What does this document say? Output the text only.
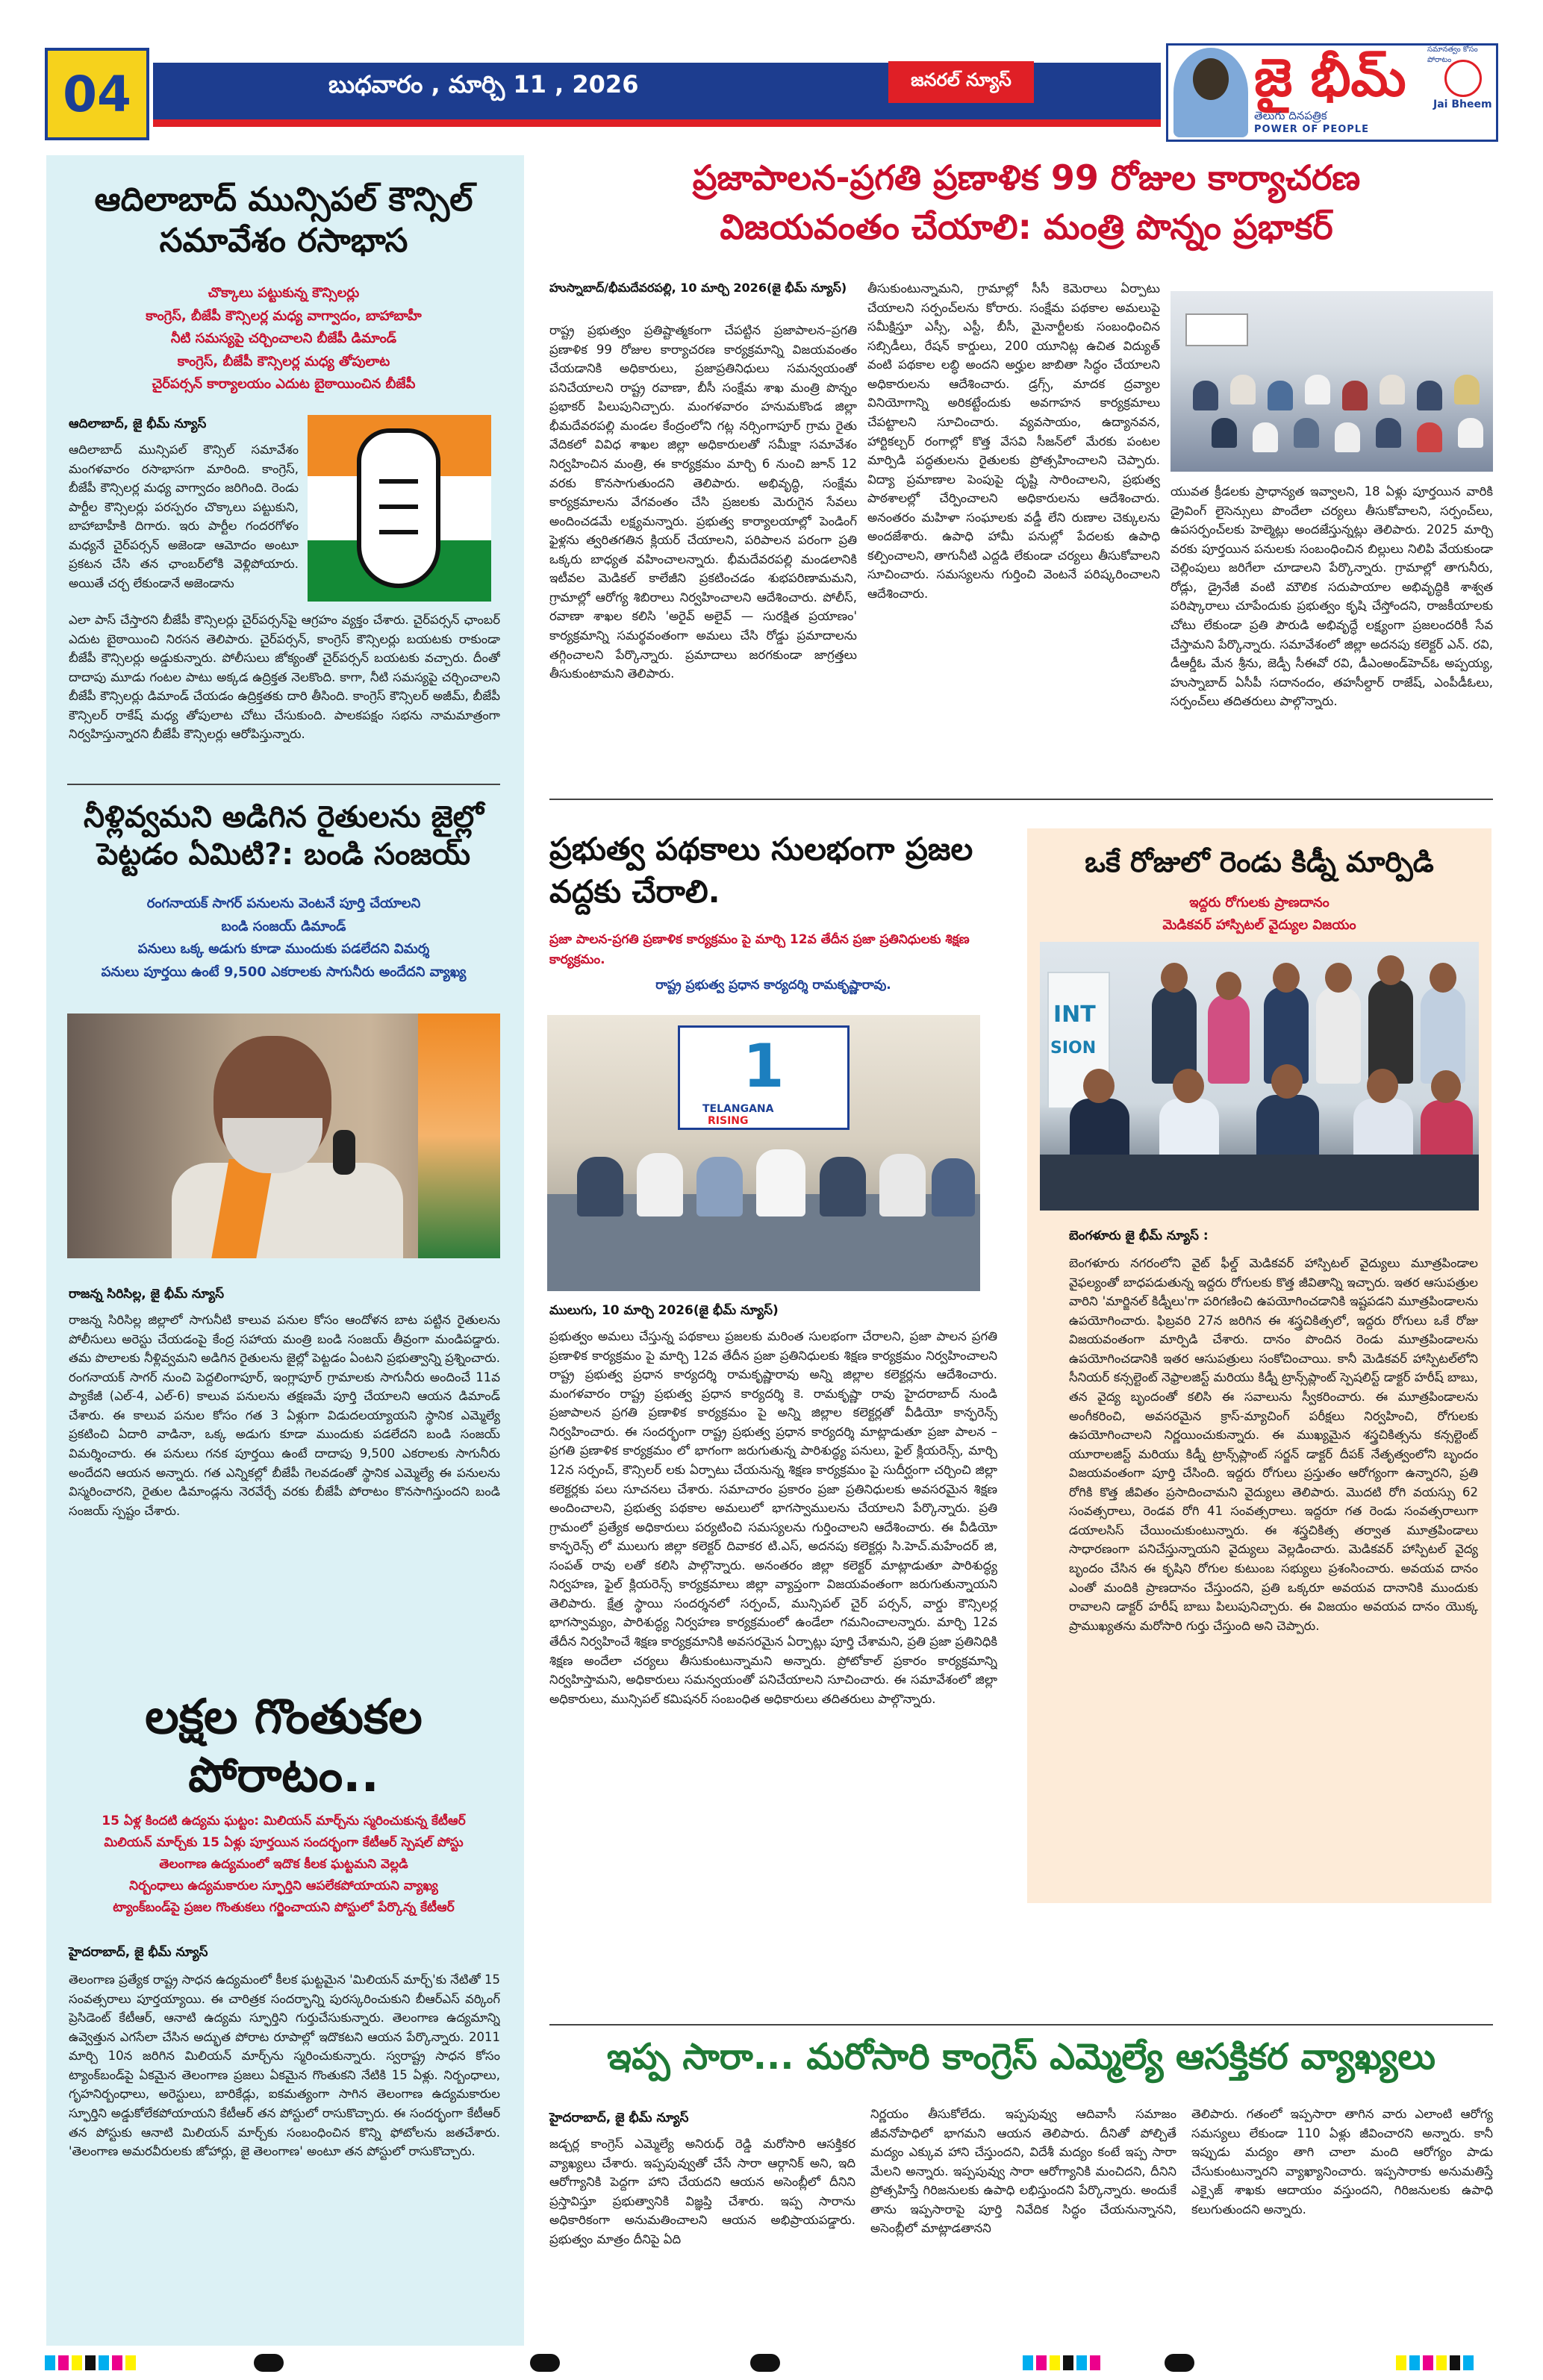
04	బుధవారం , మార్చి 11 , 2026	జనరల్ న్యూస్	జై భీమ్
తెలుగు దినపత్రిక
POWER OF PEOPLE
Jai Bheem
సమానత్వం కోసం పోరాటం
ఆదిలాబాద్ మున్సిపల్ కౌన్సిల్ సమావేశం రసాభాస
చొక్కాలు పట్టుకున్న కౌన్సిలర్లు
కాంగ్రెస్, బీజేపీ కౌన్సిలర్ల మధ్య వాగ్వాదం, బాహాబాహీ
నీటి సమస్యపై చర్చించాలని బీజేపీ డిమాండ్
కాంగ్రెస్, బీజేపీ కౌన్సిలర్ల మధ్య తోపులాట
చైర్‌పర్సన్ కార్యాలయం ఎదుట బైఠాయించిన బీజేపీ
ఆదిలాబాద్, జై భీమ్ న్యూస్
ఆదిలాబాద్ మున్సిపల్ కౌన్సిల్ సమావేశం మంగళవారం రసాభాసగా మారింది. కాంగ్రెస్, బీజేపీ కౌన్సిలర్ల మధ్య వాగ్వాదం జరిగింది. రెండు పార్టీల కౌన్సిలర్లు పరస్పరం చొక్కాలు పట్టుకుని, బాహాబాహీకి దిగారు. ఇరు పార్టీల గందరగోళం మధ్యనే చైర్‌పర్సన్ అజెండా ఆమోదం అంటూ ప్రకటన చేసి తన ఛాంబర్‌లోకి వెళ్లిపోయారు. అయితే చర్చ లేకుండానే అజెండాను
ఎలా పాస్ చేస్తారని బీజేపీ కౌన్సిలర్లు చైర్‌పర్సన్‌పై ఆగ్రహం వ్యక్తం చేశారు. చైర్‌పర్సన్ ఛాంబర్ ఎదుట బైఠాయించి నిరసన తెలిపారు. చైర్‌పర్సన్, కాంగ్రెస్ కౌన్సిలర్లు బయటకు రాకుండా బీజేపీ కౌన్సిలర్లు అడ్డుకున్నారు. పోలీసులు జోక్యంతో చైర్‌పర్సన్ బయటకు వచ్చారు. దీంతో దాదాపు మూడు గంటల పాటు అక్కడ ఉద్రిక్తత నెలకొంది. కాగా, నీటి సమస్యపై చర్చించాలని బీజేపీ కౌన్సిలర్లు డిమాండ్ చేయడం ఉద్రిక్తతకు దారి తీసింది. కాంగ్రెస్ కౌన్సిలర్ అజీమ్, బీజేపీ కౌన్సిలర్ రాకేష్ మధ్య తోపులాట చోటు చేసుకుంది. పాలకపక్షం సభను నామమాత్రంగా నిర్వహిస్తున్నారని బీజేపీ కౌన్సిలర్లు ఆరోపిస్తున్నారు.
నీళ్లివ్వమని అడిగిన రైతులను జైల్లో పెట్టడం ఏమిటి?: బండి సంజయ్
రంగనాయక్ సాగర్ పనులను వెంటనే పూర్తి చేయాలని
బండి సంజయ్ డిమాండ్
పనులు ఒక్క అడుగు కూడా ముందుకు పడలేదని విమర్శ
పనులు పూర్తయి ఉంటే 9,500 ఎకరాలకు సాగునీరు అందేదని వ్యాఖ్య
రాజన్న సిరిసిల్ల, జై భీమ్ న్యూస్
రాజన్న సిరిసిల్ల జిల్లాలో సాగునీటి కాలువ పనుల కోసం ఆందోళన బాట పట్టిన రైతులను పోలీసులు అరెస్టు చేయడంపై కేంద్ర సహాయ మంత్రి బండి సంజయ్ తీవ్రంగా మండిపడ్డారు. తమ పొలాలకు నీళ్లివ్వమని అడిగిన రైతులను జైల్లో పెట్టడం ఏంటని ప్రభుత్వాన్ని ప్రశ్నించారు. రంగనాయక్ సాగర్ నుంచి పెద్దలింగాపూర్, ఇంగ్లాపూర్ గ్రామాలకు సాగునీరు అందించే 11వ ప్యాకేజీ (ఎల్-4, ఎల్-6) కాలువ పనులను తక్షణమే పూర్తి చేయాలని ఆయన డిమాండ్ చేశారు. ఈ కాలువ పనుల కోసం గత 3 ఏళ్లుగా విడుదలయ్యాయని స్థానిక ఎమ్మెల్యే ప్రకటించి ఏదారి వాడినా, ఒక్క అడుగు కూడా ముందుకు పడలేదని బండి సంజయ్ విమర్శించారు. ఈ పనులు గనక పూర్తయి ఉంటే దాదాపు 9,500 ఎకరాలకు సాగునీరు అందేదని ఆయన అన్నారు. గత ఎన్నికల్లో బీజేపీ గెలవడంతో స్థానిక ఎమ్మెల్యే ఈ పనులను విస్మరించారని, రైతుల డిమాండ్లను నెరవేర్చే వరకు బీజేపీ పోరాటం కొనసాగిస్తుందని బండి సంజయ్ స్పష్టం చేశారు.
లక్షల గొంతుకల పోరాటం..
15 ఏళ్ల కిందటి ఉద్యమ ఘట్టం: మిలియన్ మార్చ్‌ను స్మరించుకున్న కేటీఆర్
మిలియన్ మార్చ్‌కు 15 ఏళ్లు పూర్తయిన సందర్భంగా కేటీఆర్ స్పెషల్ పోస్టు
తెలంగాణ ఉద్యమంలో ఇదొక కీలక ఘట్టమని వెల్లడి
నిర్బంధాలు ఉద్యమకారుల స్ఫూర్తిని ఆపలేకపోయాయని వ్యాఖ్య
ట్యాంక్‌బండ్‌పై ప్రజల గొంతుకలు గర్జించాయని పోస్టులో పేర్కొన్న కేటీఆర్
హైదరాబాద్, జై భీమ్ న్యూస్
తెలంగాణ ప్రత్యేక రాష్ట్ర సాధన ఉద్యమంలో కీలక ఘట్టమైన 'మిలియన్ మార్చ్'కు నేటితో 15 సంవత్సరాలు పూర్తయ్యాయి. ఈ చారిత్రక సందర్భాన్ని పురస్కరించుకుని బీఆర్ఎస్ వర్కింగ్ ప్రెసిడెంట్ కేటీఆర్, ఆనాటి ఉద్యమ స్ఫూర్తిని గుర్తుచేసుకున్నారు. తెలంగాణ ఉద్యమాన్ని ఉవ్వెత్తున ఎగసేలా చేసిన అద్భుత పోరాట రూపాల్లో ఇదొకటని ఆయన పేర్కొన్నారు. 2011 మార్చి 10న జరిగిన మిలియన్ మార్చ్‌ను స్మరించుకున్నారు. స్వరాష్ట్ర సాధన కోసం ట్యాంక్‌బండ్‌పై ఏకమైన తెలంగాణ ప్రజలు ఏకమైన గొంతుకని నేటికి 15 ఏళ్లు. నిర్బంధాలు, గృహనిర్బంధాలు, అరెస్టులు, బారికేడ్లు, ఐకమత్యంగా సాగిన తెలంగాణ ఉద్యమకారుల స్ఫూర్తిని అడ్డుకోలేకపోయాయని కేటీఆర్ తన పోస్టులో రాసుకొచ్చారు. ఈ సందర్భంగా కేటీఆర్ తన పోస్టుకు ఆనాటి మిలియన్ మార్చ్‌కు సంబంధించిన కొన్ని ఫోటోలను జతచేశారు. 'తెలంగాణ అమరవీరులకు జోహార్లు, జై తెలంగాణ' అంటూ తన పోస్టులో రాసుకొచ్చారు.
ప్రజాపాలన-ప్రగతి ప్రణాళిక 99 రోజుల కార్యాచరణ
విజయవంతం చేయాలి: మంత్రి పొన్నం ప్రభాకర్
హుస్నాబాద్/భీమదేవరపల్లి, 10 మార్చి 2026(జై భీమ్ న్యూస్)
రాష్ట్ర ప్రభుత్వం ప్రతిష్టాత్మకంగా చేపట్టిన ప్రజాపాలన–ప్రగతి ప్రణాళిక 99 రోజుల కార్యాచరణ కార్యక్రమాన్ని విజయవంతం చేయడానికి అధికారులు, ప్రజాప్రతినిధులు సమన్వయంతో పనిచేయాలని రాష్ట్ర రవాణా, బీసీ సంక్షేమ శాఖ మంత్రి పొన్నం ప్రభాకర్ పిలుపునిచ్చారు. మంగళవారం హనుమకొండ జిల్లా భీమదేవరపల్లి మండల కేంద్రంలోని గట్ల నర్సింగాపూర్ గ్రామ రైతు వేదికలో వివిధ శాఖల జిల్లా అధికారులతో సమీక్షా సమావేశం నిర్వహించిన మంత్రి, ఈ కార్యక్రమం మార్చి 6 నుంచి జూన్ 12 వరకు కొనసాగుతుందని తెలిపారు. అభివృద్ధి, సంక్షేమ కార్యక్రమాలను వేగవంతం చేసి ప్రజలకు మెరుగైన సేవలు అందించడమే లక్ష్యమన్నారు. ప్రభుత్వ కార్యాలయాల్లో పెండింగ్ ఫైళ్లను త్వరితగతిన క్లియర్ చేయాలని, పరిపాలన పరంగా ప్రతి ఒక్కరు బాధ్యత వహించాలన్నారు. భీమదేవరపల్లి మండలానికి ఇటీవల మెడికల్ కాలేజీని ప్రకటించడం శుభపరిణామమని, గ్రామాల్లో ఆరోగ్య శిబిరాలు నిర్వహించాలని ఆదేశించారు. పోలీస్, రవాణా శాఖల కలిసి 'అరైవ్ అలైవ్ — సురక్షిత ప్రయాణం' కార్యక్రమాన్ని సమర్థవంతంగా అమలు చేసి రోడ్డు ప్రమాదాలను తగ్గించాలని పేర్కొన్నారు. ప్రమాదాలు జరగకుండా జాగ్రత్తలు తీసుకుంటామని తెలిపారు.
తీసుకుంటున్నామని, గ్రామాల్లో సీసీ కెమెరాలు ఏర్పాటు చేయాలని సర్పంచ్‌లను కోరారు. సంక్షేమ పథకాల అమలుపై సమీక్షిస్తూ ఎస్సీ, ఎస్టీ, బీసీ, మైనార్టీలకు సంబంధించిన సబ్సిడీలు, రేషన్ కార్డులు, 200 యూనిట్ల ఉచిత విద్యుత్ వంటి పథకాల లబ్ధి అందని అర్హుల జాబితా సిద్ధం చేయాలని అధికారులను ఆదేశించారు. డ్రగ్స్, మాదక ద్రవ్యాల వినియోగాన్ని అరికట్టేందుకు అవగాహన కార్యక్రమాలు చేపట్టాలని సూచించారు. వ్యవసాయం, ఉద్యానవన, హార్టికల్చర్ రంగాల్లో కొత్త వేసవి సీజన్‌లో మేరకు పంటల మార్పిడి పద్ధతులను రైతులకు ప్రోత్సహించాలని చెప్పారు. విద్యా ప్రమాణాల పెంపుపై దృష్టి సారించాలని, ప్రభుత్వ పాఠశాలల్లో చేర్పించాలని అధికారులను ఆదేశించారు. అనంతరం మహిళా సంఘాలకు వడ్డీ లేని రుణాల చెక్కులను అందజేశారు. ఉపాధి హామీ పనుల్లో పేదలకు ఉపాధి కల్పించాలని, తాగునీటి ఎద్దడి లేకుండా చర్యలు తీసుకోవాలని సూచించారు. సమస్యలను గుర్తించి వెంటనే పరిష్కరించాలని ఆదేశించారు.
యువత క్రీడలకు ప్రాధాన్యత ఇవ్వాలని, 18 ఏళ్లు పూర్తయిన వారికి డ్రైవింగ్ లైసెన్సులు పొందేలా చర్యలు తీసుకోవాలని, సర్పంచ్‌లు, ఉపసర్పంచ్‌లకు హెల్మెట్లు అందజేస్తున్నట్లు తెలిపారు. 2025 మార్చి వరకు పూర్తయిన పనులకు సంబంధించిన బిల్లులు నిలిపి వేయకుండా చెల్లింపులు జరిగేలా చూడాలని పేర్కొన్నారు. గ్రామాల్లో తాగునీరు, రోడ్లు, డ్రైనేజీ వంటి మౌలిక సదుపాయాల అభివృద్ధికి శాశ్వత పరిష్కారాలు చూపేందుకు ప్రభుత్వం కృషి చేస్తోందని, రాజకీయాలకు చోటు లేకుండా ప్రతి పౌరుడి అభివృద్ధే లక్ష్యంగా ప్రజలందరికీ సేవ చేస్తామని పేర్కొన్నారు. సమావేశంలో జిల్లా అదనపు కలెక్టర్ ఎన్. రవి, డీఆర్డీఓ మేన శ్రీను, జెడ్పీ సీఈవో రవి, డీఎంఅండ్‌హెచ్ఓ అప్పయ్య, హుస్నాబాద్ ఏసీపీ సదానందం, తహసీల్దార్ రాజేష్, ఎంపీడీఓలు, సర్పంచ్‌లు తదితరులు పాల్గొన్నారు.
ప్రభుత్వ పథకాలు సులభంగా ప్రజల వద్దకు చేరాలి.
ప్రజా పాలన-ప్రగతి ప్రణాళిక కార్యక్రమం పై మార్చి 12వ తేదీన ప్రజా ప్రతినిధులకు శిక్షణ కార్యక్రమం.
రాష్ట్ర ప్రభుత్వ ప్రధాన కార్యదర్శి రామకృష్ణారావు.
1
TELANGANA
RISING
ములుగు, 10 మార్చి 2026(జై భీమ్ న్యూస్)
ప్రభుత్వం అమలు చేస్తున్న పథకాలు ప్రజలకు మరింత సులభంగా చేరాలని, ప్రజా పాలన ప్రగతి ప్రణాళిక కార్యక్రమం పై మార్చి 12వ తేదీన ప్రజా ప్రతినిధులకు శిక్షణ కార్యక్రమం నిర్వహించాలని రాష్ట్ర ప్రభుత్వ ప్రధాన కార్యదర్శి రామకృష్ణారావు అన్ని జిల్లాల కలెక్టర్లను ఆదేశించారు. మంగళవారం రాష్ట్ర ప్రభుత్వ ప్రధాన కార్యదర్శి కె. రామకృష్ణా రావు హైదరాబాద్ నుండి ప్రజాపాలన ప్రగతి ప్రణాళిక కార్యక్రమం పై అన్ని జిల్లాల కలెక్టర్లతో వీడియో కాన్ఫరెన్స్ నిర్వహించారు. ఈ సందర్భంగా రాష్ట్ర ప్రభుత్వ ప్రధాన కార్యదర్శి మాట్లాడుతూ ప్రజా పాలన – ప్రగతి ప్రణాళిక కార్యక్రమం లో భాగంగా జరుగుతున్న పారిశుద్ధ్య పనులు, ఫైల్ క్లియరెన్స్, మార్చి 12న సర్పంచ్, కౌన్సిలర్ లకు ఏర్పాటు చేయనున్న శిక్షణ కార్యక్రమం పై సుదీర్ఘంగా చర్చించి జిల్లా కలెక్టర్లకు పలు సూచనలు చేశారు. సమాచారం ప్రకారం ప్రజా ప్రతినిధులకు అవసరమైన శిక్షణ అందించాలని, ప్రభుత్వ పథకాల అమలులో భాగస్వాములను చేయాలని పేర్కొన్నారు. ప్రతి గ్రామంలో ప్రత్యేక అధికారులు పర్యటించి సమస్యలను గుర్తించాలని ఆదేశించారు. ఈ వీడియో కాన్ఫరెన్స్ లో ములుగు జిల్లా కలెక్టర్ దివాకర టి.ఎస్, అదనపు కలెక్టర్లు సి.హెచ్.మహేందర్ జి, సంపత్ రావు లతో కలిసి పాల్గొన్నారు. అనంతరం జిల్లా కలెక్టర్ మాట్లాడుతూ పారిశుద్ధ్య నిర్వహణ, ఫైల్ క్లియరెన్స్ కార్యక్రమాలు జిల్లా వ్యాప్తంగా విజయవంతంగా జరుగుతున్నాయని తెలిపారు. క్షేత్ర స్థాయి సందర్శనలో సర్పంచ్, మున్సిపల్ చైర్ పర్సన్, వార్డు కౌన్సిలర్ల భాగస్వామ్యం, పారిశుద్ధ్య నిర్వహణ కార్యక్రమంలో ఉండేలా గమనించాలన్నారు. మార్చి 12వ తేదీన నిర్వహించే శిక్షణ కార్యక్రమానికి అవసరమైన ఏర్పాట్లు పూర్తి చేశామని, ప్రతి ప్రజా ప్రతినిధికి శిక్షణ అందేలా చర్యలు తీసుకుంటున్నామని అన్నారు. ప్రోటోకాల్ ప్రకారం కార్యక్రమాన్ని నిర్వహిస్తామని, అధికారులు సమన్వయంతో పనిచేయాలని సూచించారు. ఈ సమావేశంలో జిల్లా అధికారులు, మున్సిపల్ కమిషనర్ సంబంధిత అధికారులు తదితరులు పాల్గొన్నారు.
ఒకే రోజులో రెండు కిడ్నీ మార్పిడి
ఇద్దరు రోగులకు ప్రాణదానం
మెడికవర్ హాస్పిటల్ వైద్యుల విజయం
INT
SION
బెంగళూరు జై భీమ్ న్యూస్ :
బెంగళూరు నగరంలోని వైట్ ఫీల్డ్ మెడికవర్ హాస్పిటల్ వైద్యులు మూత్రపిండాల వైఫల్యంతో బాధపడుతున్న ఇద్దరు రోగులకు కొత్త జీవితాన్ని ఇచ్చారు. ఇతర ఆసుపత్రుల వారిని 'మార్జినల్ కిడ్నీలు'గా పరిగణించి ఉపయోగించడానికి ఇష్టపడని మూత్రపిండాలను ఉపయోగించారు. ఫిబ్రవరి 27న జరిగిన ఈ శస్త్రచికిత్సలో, ఇద్దరు రోగులు ఒకే రోజు విజయవంతంగా మార్పిడి చేశారు. దానం పొందిన రెండు మూత్రపిండాలను ఉపయోగించడానికి ఇతర ఆసుపత్రులు సంకోచించాయి. కానీ మెడికవర్ హాస్పిటల్‌లోని సీనియర్ కన్సల్టెంట్ నెఫ్రాలజిస్ట్ మరియు కిడ్నీ ట్రాన్స్‌ప్లాంట్ స్పెషలిస్ట్ డాక్టర్ హరీష్ బాబు, తన వైద్య బృందంతో కలిసి ఈ సవాలును స్వీకరించారు. ఈ మూత్రపిండాలను అంగీకరించి, అవసరమైన క్రాస్-మ్యాచింగ్ పరీక్షలు నిర్వహించి, రోగులకు ఉపయోగించాలని నిర్ణయించుకున్నారు. ఈ ముఖ్యమైన శస్త్రచికిత్సను కన్సల్టెంట్ యూరాలజిస్ట్ మరియు కిడ్నీ ట్రాన్స్‌ప్లాంట్ సర్జన్ డాక్టర్ దీపక్ నేతృత్వంలోని బృందం విజయవంతంగా పూర్తి చేసింది. ఇద్దరు రోగులు ప్రస్తుతం ఆరోగ్యంగా ఉన్నారని, ప్రతి రోగికి కొత్త జీవితం ప్రసాదించామని వైద్యులు తెలిపారు. మొదటి రోగి వయస్సు 62 సంవత్సరాలు, రెండవ రోగి 41 సంవత్సరాలు. ఇద్దరూ గత రెండు సంవత్సరాలుగా డయాలసిస్ చేయించుకుంటున్నారు. ఈ శస్త్రచికిత్స తర్వాత మూత్రపిండాలు సాధారణంగా పనిచేస్తున్నాయని వైద్యులు వెల్లడించారు. మెడికవర్ హాస్పిటల్ వైద్య బృందం చేసిన ఈ కృషిని రోగుల కుటుంబ సభ్యులు ప్రశంసించారు. అవయవ దానం ఎంతో మందికి ప్రాణదానం చేస్తుందని, ప్రతి ఒక్కరూ అవయవ దానానికి ముందుకు రావాలని డాక్టర్ హరీష్ బాబు పిలుపునిచ్చారు. ఈ విజయం అవయవ దానం యొక్క ప్రాముఖ్యతను మరోసారి గుర్తు చేస్తుంది అని చెప్పారు.
ఇప్ప సారా... మరోసారి కాంగ్రెస్ ఎమ్మెల్యే ఆసక్తికర వ్యాఖ్యలు
హైదరాబాద్, జై భీమ్ న్యూస్
జడ్చర్ల కాంగ్రెస్ ఎమ్మెల్యే అనిరుధ్ రెడ్డి మరోసారి ఆసక్తికర వ్యాఖ్యలు చేశారు. ఇప్పపువ్వుతో చేసే సారా ఆర్గానిక్ అని, ఇది ఆరోగ్యానికి పెద్దగా హాని చేయదని ఆయన అసెంబ్లీలో దీనిని ప్రస్తావిస్తూ ప్రభుత్వానికి విజ్ఞప్తి చేశారు. ఇప్ప సారాను అధికారికంగా అనుమతించాలని ఆయన అభిప్రాయపడ్డారు. ప్రభుత్వం మాత్రం దీనిపై ఏది
నిర్ణయం తీసుకోలేదు. ఇప్పపువ్వు ఆదివాసీ సమాజం జీవనోపాధిలో భాగమని ఆయన తెలిపారు. దీనితో పోల్చితే మద్యం ఎక్కువ హాని చేస్తుందని, విదేశీ మద్యం కంటే ఇప్ప సారా మేలని అన్నారు. ఇప్పపువ్వు సారా ఆరోగ్యానికి మంచిదని, దీనిని ప్రోత్సహిస్తే గిరిజనులకు ఉపాధి లభిస్తుందని పేర్కొన్నారు. అందుకే తాను ఇప్పసారాపై పూర్తి నివేదిక సిద్ధం చేయనున్నానని, అసెంబ్లీలో మాట్లాడతానని
తెలిపారు. గతంలో ఇప్పసారా తాగిన వారు ఎలాంటి ఆరోగ్య సమస్యలు లేకుండా 110 ఏళ్లు జీవించారని అన్నారు. కానీ ఇప్పుడు మద్యం తాగి చాలా మంది ఆరోగ్యం పాడు చేసుకుంటున్నారని వ్యాఖ్యానించారు. ఇప్పసారాకు అనుమతిస్తే ఎక్సైజ్ శాఖకు ఆదాయం వస్తుందని, గిరిజనులకు ఉపాధి కలుగుతుందని అన్నారు.
